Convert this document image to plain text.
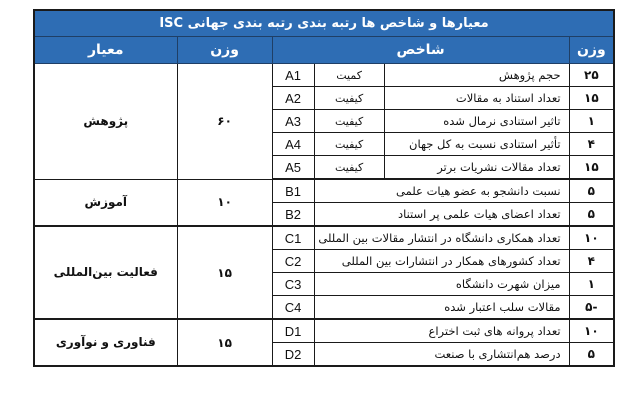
معیارها و شاخص ها رتبه بندی رتبه بندی جهانی ISC					
وزن	شاخص			وزن	معیار
۲۵	حجم پژوهش	کمیت	A1	۶۰	پژوهش
۱۵	تعداد استناد به مقالات	کیفیت	A2		
۱	تاثیر استنادی نرمال شده	کیفیت	A3		
۴	تأثیر استنادی نسبت به کل جهان	کیفیت	A4		
۱۵	تعداد مقالات نشریات برتر	کیفیت	A5		
۵	نسبت دانشجو به عضو هیات علمی		B1	۱۰	آموزش
۵	تعداد اعضای هیات علمی پر استناد		B2		
۱۰	تعداد همکاری دانشگاه در انتشار مقالات بین المللی		C1	۱۵	فعالیت بین‌المللی
۴	تعداد کشورهای همکار در انتشارات بین المللی		C2		
۱	میزان شهرت دانشگاه		C3		
-۵	مقالات سلب اعتبار شده		C4		
۱۰	تعداد پروانه های ثبت اختراع		D1	۱۵	فناوری و نوآوری
۵	درصد هم‌انتشاری با صنعت		D2		
